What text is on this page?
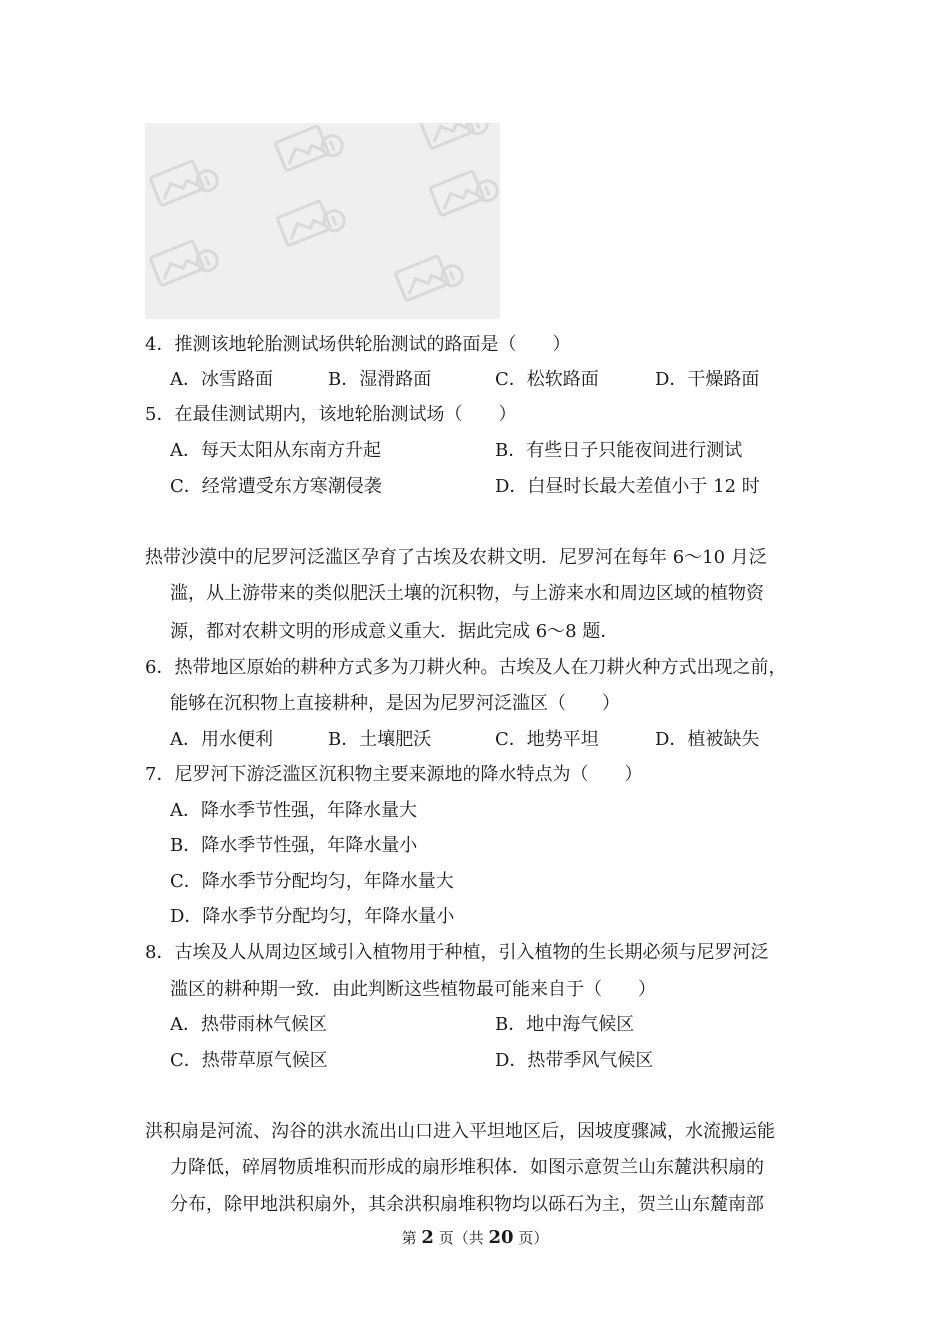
4．推测该地轮胎测试场供轮胎测试的路面是（　　）
A．冰雪路面	B．湿滑路面	C．松软路面	D．干燥路面
5．在最佳测试期内，该地轮胎测试场（　　）
A．每天太阳从东南方升起	B．有些日子只能夜间进行测试
C．经常遭受东方寒潮侵袭	D．白昼时长最大差值小于 12 时
热带沙漠中的尼罗河泛滥区孕育了古埃及农耕文明．尼罗河在每年 6～10 月泛
滥，从上游带来的类似肥沃土壤的沉积物，与上游来水和周边区域的植物资
源，都对农耕文明的形成意义重大．据此完成 6～8 题．
6．热带地区原始的耕种方式多为刀耕火种。古埃及人在刀耕火种方式出现之前，
能够在沉积物上直接耕种，是因为尼罗河泛滥区（　　）
A．用水便利	B．土壤肥沃	C．地势平坦	D．植被缺失
7．尼罗河下游泛滥区沉积物主要来源地的降水特点为（　　）
A．降水季节性强，年降水量大
B．降水季节性强，年降水量小
C．降水季节分配均匀，年降水量大
D．降水季节分配均匀，年降水量小
8．古埃及人从周边区域引入植物用于种植，引入植物的生长期必须与尼罗河泛
滥区的耕种期一致．由此判断这些植物最可能来自于（　　）
A．热带雨林气候区	B．地中海气候区
C．热带草原气候区	D．热带季风气候区
洪积扇是河流、沟谷的洪水流出山口进入平坦地区后，因坡度骤减，水流搬运能
力降低，碎屑物质堆积而形成的扇形堆积体．如图示意贺兰山东麓洪积扇的
分布，除甲地洪积扇外，其余洪积扇堆积物均以砾石为主，贺兰山东麓南部
第 2 页（共 20 页）
